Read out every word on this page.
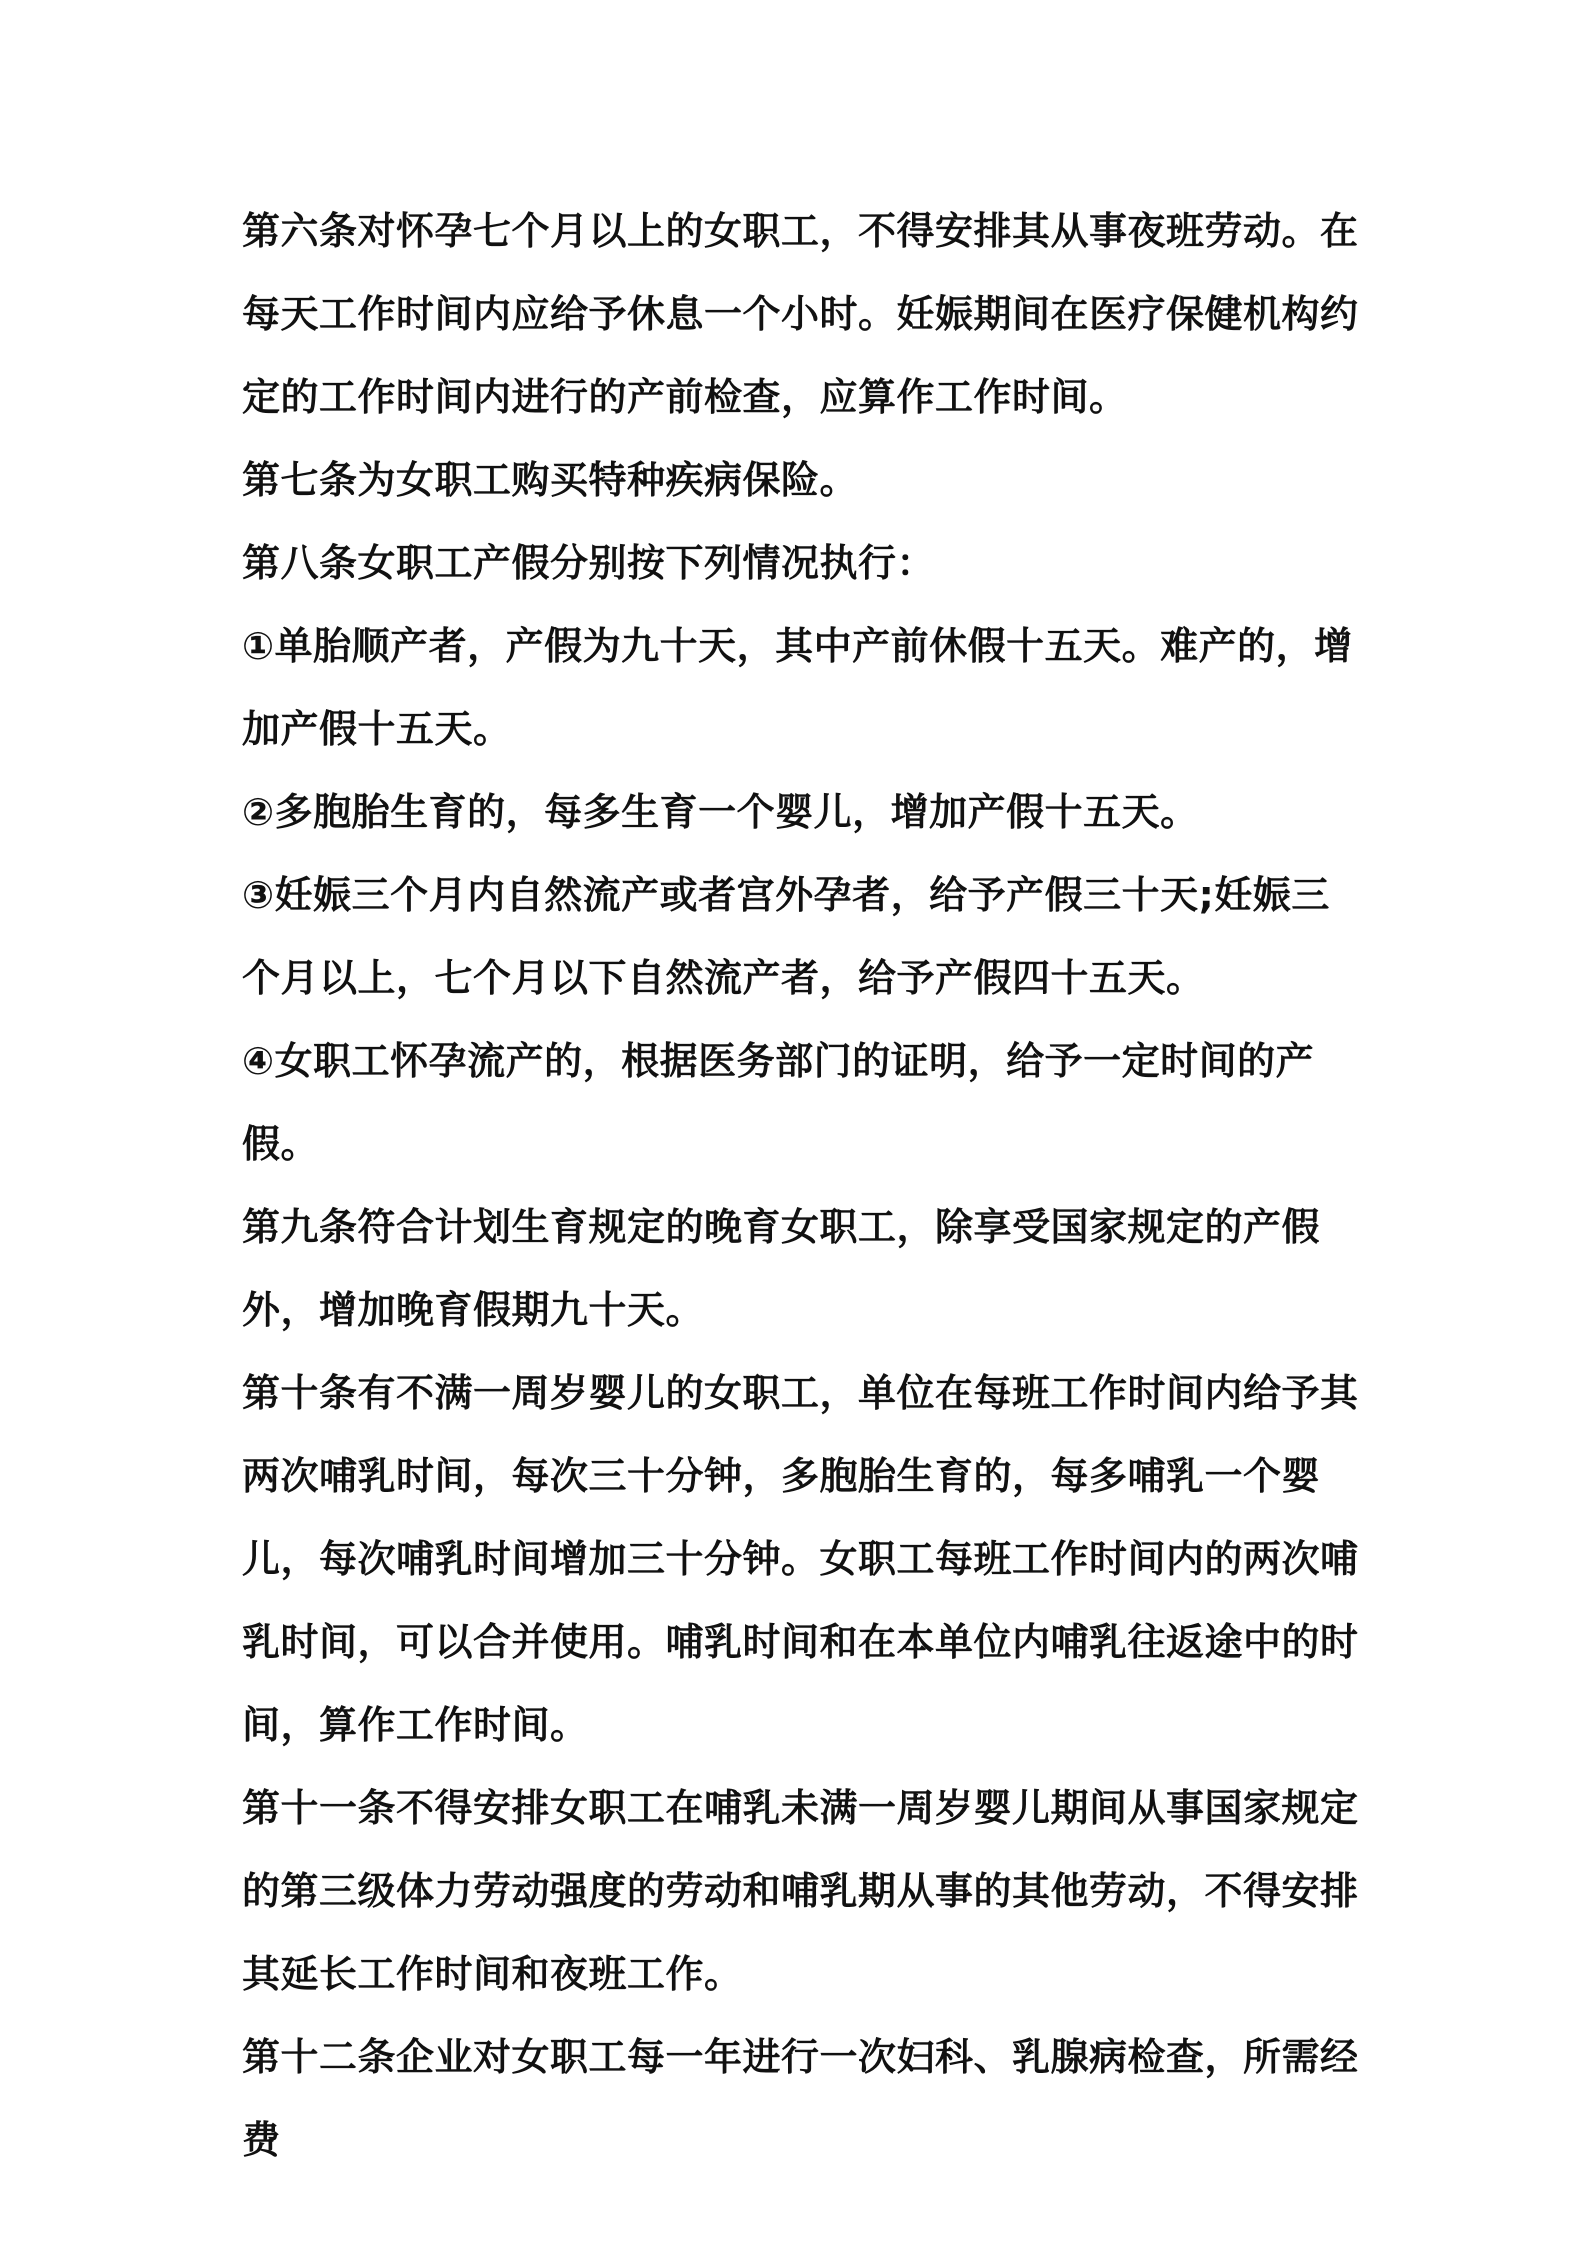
第六条对怀孕七个月以上的女职工，不得安排其从事夜班劳动。在每天工作时间内应给予休息一个小时。妊娠期间在医疗保健机构约定的工作时间内进行的产前检查，应算作工作时间。

第七条为女职工购买特种疾病保险。

第八条女职工产假分别按下列情况执行：

①单胎顺产者，产假为九十天，其中产前休假十五天。难产的，增加产假十五天。

②多胞胎生育的，每多生育一个婴儿，增加产假十五天。

③妊娠三个月内自然流产或者宫外孕者，给予产假三十天;妊娠三个月以上，七个月以下自然流产者，给予产假四十五天。

④女职工怀孕流产的，根据医务部门的证明，给予一定时间的产假。

第九条符合计划生育规定的晚育女职工，除享受国家规定的产假外，增加晚育假期九十天。

第十条有不满一周岁婴儿的女职工，单位在每班工作时间内给予其两次哺乳时间，每次三十分钟，多胞胎生育的，每多哺乳一个婴儿，每次哺乳时间增加三十分钟。女职工每班工作时间内的两次哺乳时间，可以合并使用。哺乳时间和在本单位内哺乳往返途中的时间，算作工作时间。

第十一条不得安排女职工在哺乳未满一周岁婴儿期间从事国家规定的第三级体力劳动强度的劳动和哺乳期从事的其他劳动，不得安排其延长工作时间和夜班工作。

第十二条企业对女职工每一年进行一次妇科、乳腺病检查，所需经费
